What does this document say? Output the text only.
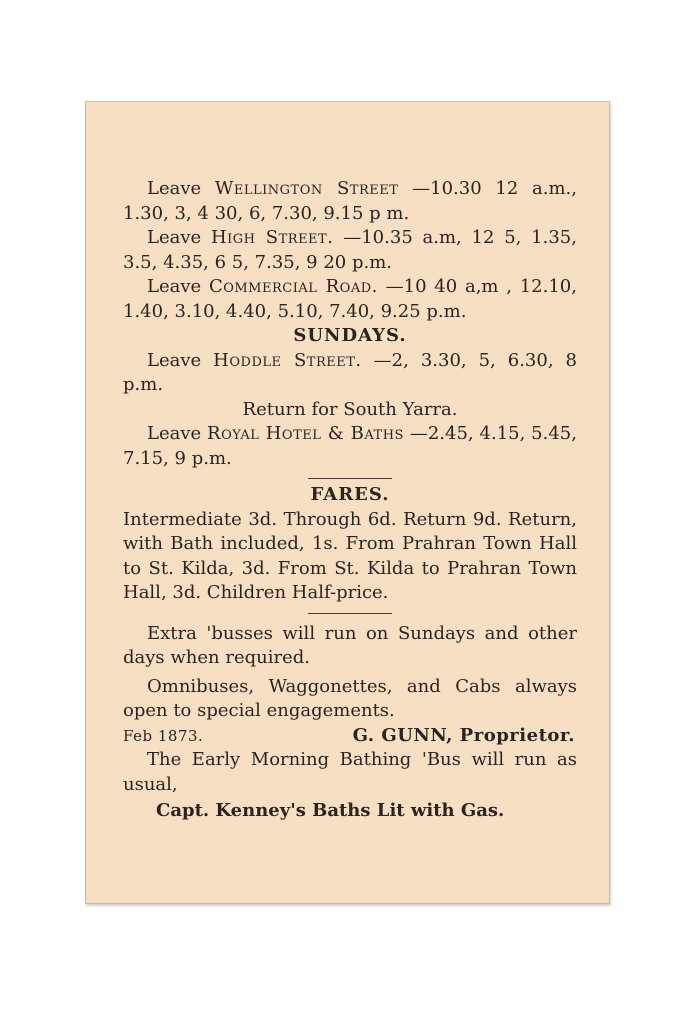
Leave Wellington Street —10.30 12 a.m., 1.30, 3, 4 30, 6, 7.30, 9.15 p m.

Leave High Street. —10.35 a.m, 12 5, 1.35, 3.5, 4.35, 6 5, 7.35, 9 20 p.m.

Leave Commercial Road. —10 40 a,m , 12.10, 1.40, 3.10, 4.40, 5.10, 7.40, 9.25 p.m.

SUNDAYS.

Leave Hoddle Street. —2, 3.30, 5, 6.30, 8 p.m.

Return for South Yarra.

Leave Royal Hotel & Baths —2.45, 4.15, 5.45, 7.15, 9 p.m.

FARES.

Intermediate 3d. Through 6d. Return 9d. Return, with Bath included, 1s. From Prahran Town Hall to St. Kilda, 3d. From St. Kilda to Prahran Town Hall, 3d. Children Half-price.

Extra 'busses will run on Sundays and other days when required.

Omnibuses, Waggonettes, and Cabs always open to special engagements.

Feb 1873.	G. GUNN, Proprietor.

The Early Morning Bathing 'Bus will run as usual,

Capt. Kenney's Baths Lit with Gas.
